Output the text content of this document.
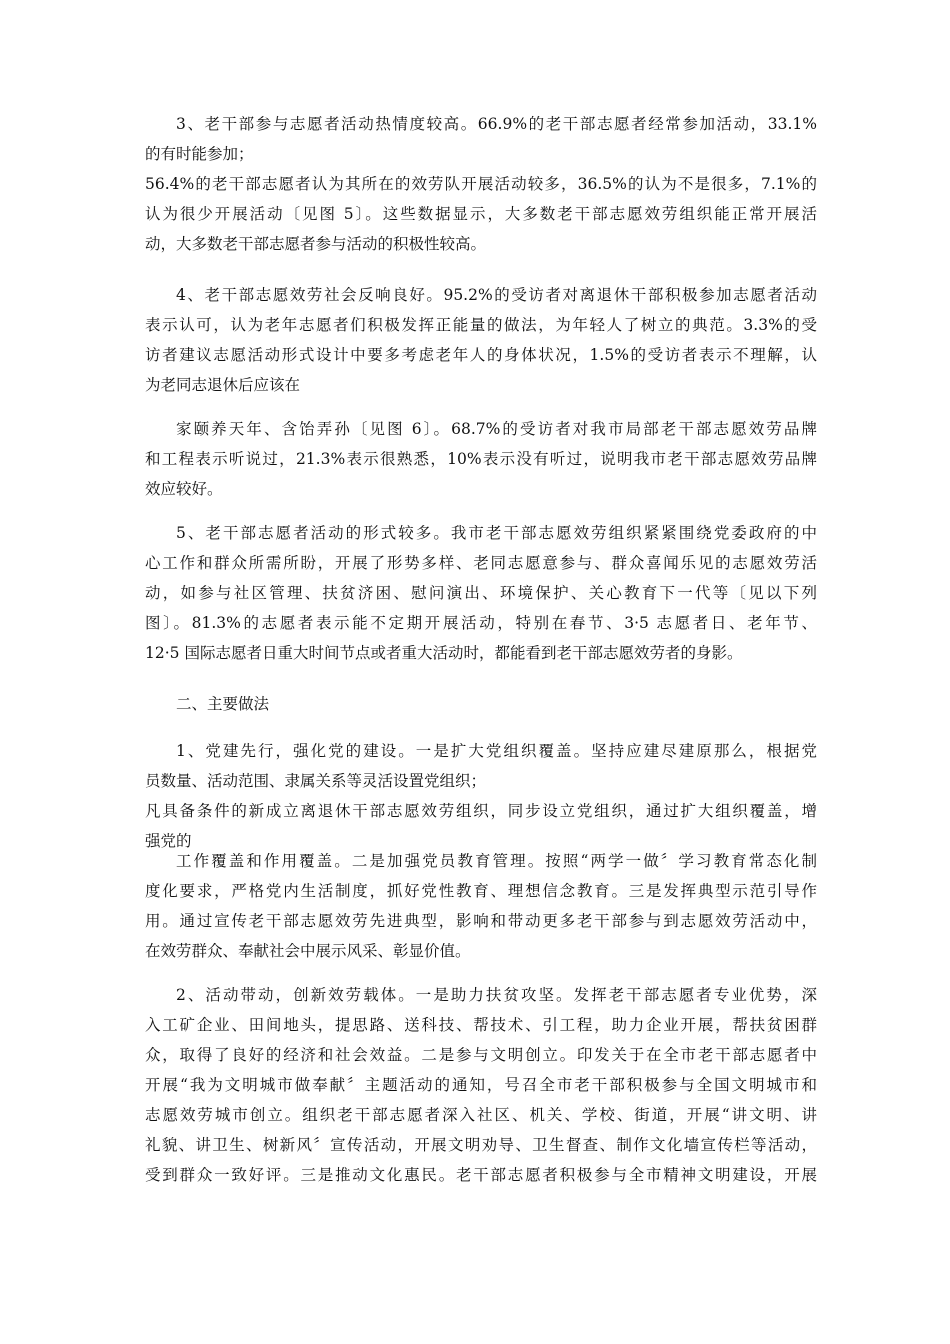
3、老干部参与志愿者活动热情度较高。66.9%的老干部志愿者经常参加活动，33.1%
的有时能参加；
56.4%的老干部志愿者认为其所在的效劳队开展活动较多，36.5%的认为不是很多，7.1%的
认为很少开展活动〔见图 5〕。这些数据显示，大多数老干部志愿效劳组织能正常开展活
动，大多数老干部志愿者参与活动的积极性较高。
4、老干部志愿效劳社会反响良好。95.2%的受访者对离退休干部积极参加志愿者活动
表示认可，认为老年志愿者们积极发挥正能量的做法，为年轻人了树立的典范。3.3%的受
访者建议志愿活动形式设计中要多考虑老年人的身体状况，1.5%的受访者表示不理解，认
为老同志退休后应该在
家颐养天年、含饴弄孙〔见图 6〕。68.7%的受访者对我市局部老干部志愿效劳品牌
和工程表示听说过，21.3%表示很熟悉，10%表示没有听过，说明我市老干部志愿效劳品牌
效应较好。
5、老干部志愿者活动的形式较多。我市老干部志愿效劳组织紧紧围绕党委政府的中
心工作和群众所需所盼，开展了形势多样、老同志愿意参与、群众喜闻乐见的志愿效劳活
动，如参与社区管理、扶贫济困、慰问演出、环境保护、关心教育下一代等〔见以下列
图〕。81.3%的志愿者表示能不定期开展活动，特别在春节、3·5 志愿者日、老年节、
12·5 国际志愿者日重大时间节点或者重大活动时，都能看到老干部志愿效劳者的身影。
二、主要做法
1、党建先行，强化党的建设。一是扩大党组织覆盖。坚持应建尽建原那么，根据党
员数量、活动范围、隶属关系等灵活设置党组织；
凡具备条件的新成立离退休干部志愿效劳组织，同步设立党组织，通过扩大组织覆盖，增
强党的
工作覆盖和作用覆盖。二是加强党员教育管理。按照“两学一做〞学习教育常态化制
度化要求，严格党内生活制度，抓好党性教育、理想信念教育。三是发挥典型示范引导作
用。通过宣传老干部志愿效劳先进典型，影响和带动更多老干部参与到志愿效劳活动中，
在效劳群众、奉献社会中展示风采、彰显价值。
2、活动带动，创新效劳载体。一是助力扶贫攻坚。发挥老干部志愿者专业优势，深
入工矿企业、田间地头，提思路、送科技、帮技术、引工程，助力企业开展，帮扶贫困群
众，取得了良好的经济和社会效益。二是参与文明创立。印发关于在全市老干部志愿者中
开展“我为文明城市做奉献〞主题活动的通知，号召全市老干部积极参与全国文明城市和
志愿效劳城市创立。组织老干部志愿者深入社区、机关、学校、街道，开展“讲文明、讲
礼貌、讲卫生、树新风〞宣传活动，开展文明劝导、卫生督查、制作文化墙宣传栏等活动，
受到群众一致好评。三是推动文化惠民。老干部志愿者积极参与全市精神文明建设，开展
